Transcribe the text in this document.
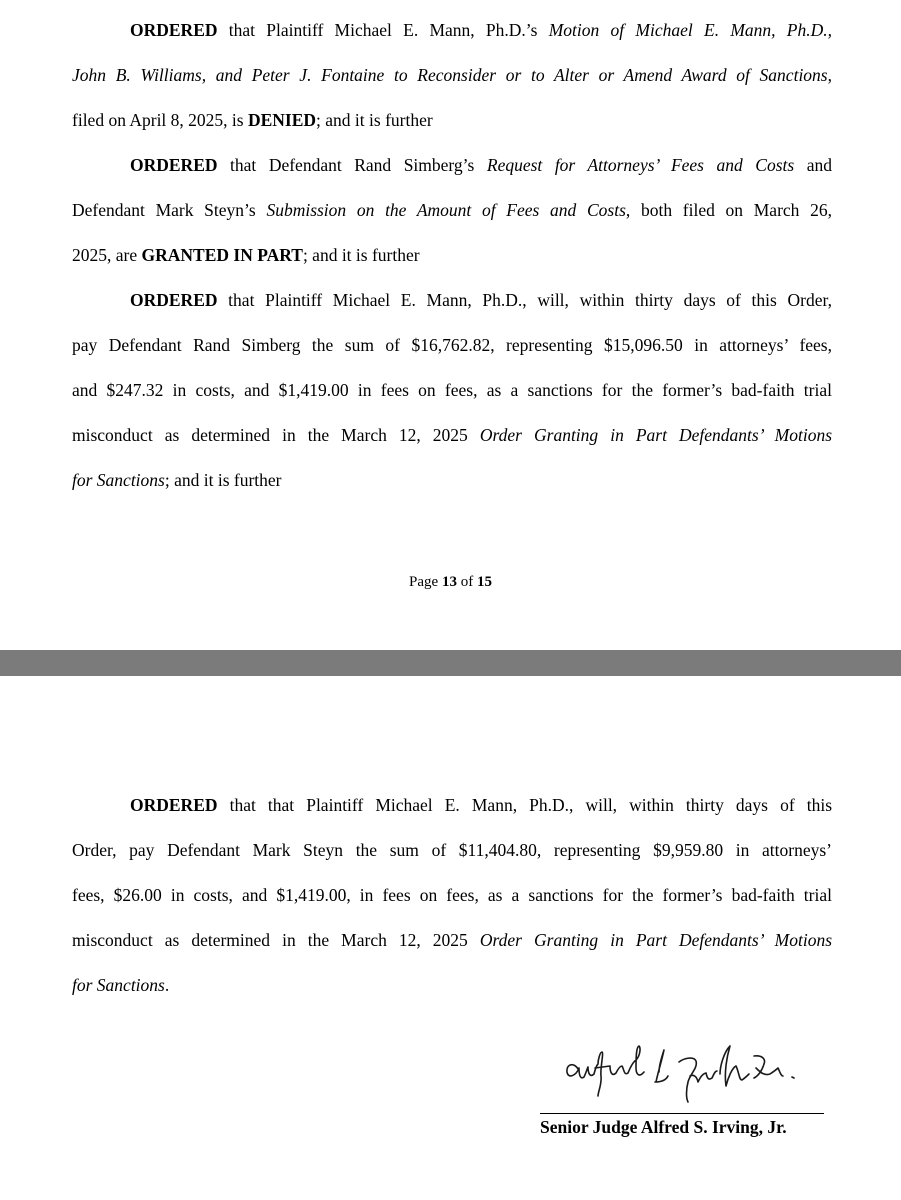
ORDERED that Plaintiff Michael E. Mann, Ph.D.’s Motion of Michael E. Mann, Ph.D.,
John B. Williams, and Peter J. Fontaine to Reconsider or to Alter or Amend Award of Sanctions,
filed on April 8, 2025, is DENIED; and it is further

ORDERED that Defendant Rand Simberg’s Request for Attorneys’ Fees and Costs and
Defendant Mark Steyn’s Submission on the Amount of Fees and Costs, both filed on March 26,
2025, are GRANTED IN PART; and it is further

ORDERED that Plaintiff Michael E. Mann, Ph.D., will, within thirty days of this Order,
pay Defendant Rand Simberg the sum of $16,762.82, representing $15,096.50 in attorneys’ fees,
and $247.32 in costs, and $1,419.00 in fees on fees, as a sanctions for the former’s bad-faith trial
misconduct as determined in the March 12, 2025 Order Granting in Part Defendants’ Motions
for Sanctions; and it is further

Page 13 of 15

ORDERED that that Plaintiff Michael E. Mann, Ph.D., will, within thirty days of this
Order, pay Defendant Mark Steyn the sum of $11,404.80, representing $9,959.80 in attorneys’
fees, $26.00 in costs, and $1,419.00, in fees on fees, as a sanctions for the former’s bad-faith trial
misconduct as determined in the March 12, 2025 Order Granting in Part Defendants’ Motions
for Sanctions.

Senior Judge Alfred S. Irving, Jr.
